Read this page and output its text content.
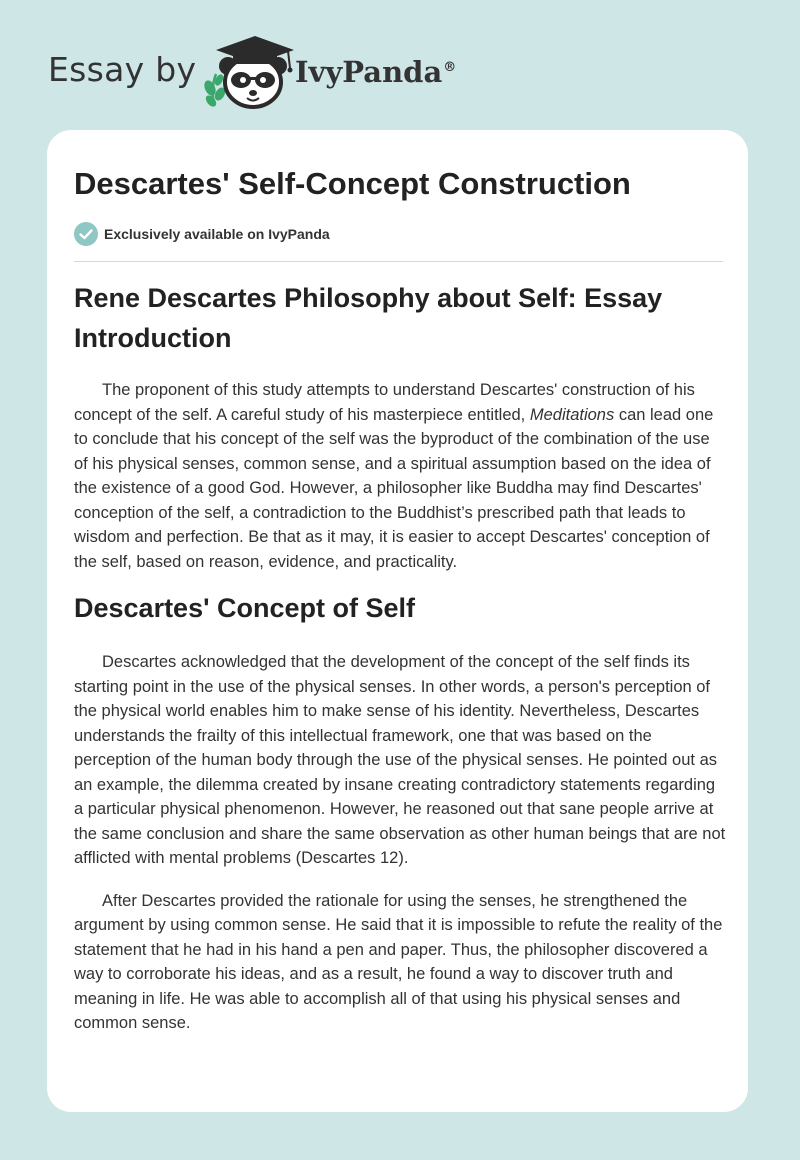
Essay by	IvyPanda®
Descartes' Self-Concept Construction
Exclusively available on IvyPanda
Rene Descartes Philosophy about Self: Essay Introduction

The proponent of this study attempts to understand Descartes' construction of his concept of the self. A careful study of his masterpiece entitled, Meditations can lead one to conclude that his concept of the self was the byproduct of the combination of the use of his physical senses, common sense, and a spiritual assumption based on the idea of the existence of a good God. However, a philosopher like Buddha may find Descartes' conception of the self, a contradiction to the Buddhist’s prescribed path that leads to wisdom and perfection. Be that as it may, it is easier to accept Descartes' conception of the self, based on reason, evidence, and practicality.

Descartes' Concept of Self

Descartes acknowledged that the development of the concept of the self finds its starting point in the use of the physical senses. In other words, a person's perception of the physical world enables him to make sense of his identity. Nevertheless, Descartes understands the frailty of this intellectual framework, one that was based on the perception of the human body through the use of the physical senses. He pointed out as an example, the dilemma created by insane creating contradictory statements regarding a particular physical phenomenon. However, he reasoned out that sane people arrive at the same conclusion and share the same observation as other human beings that are not afflicted with mental problems (Descartes 12).

After Descartes provided the rationale for using the senses, he strengthened the argument by using common sense. He said that it is impossible to refute the reality of the statement that he had in his hand a pen and paper. Thus, the philosopher discovered a way to corroborate his ideas, and as a result, he found a way to discover truth and meaning in life. He was able to accomplish all of that using his physical senses and common sense.
